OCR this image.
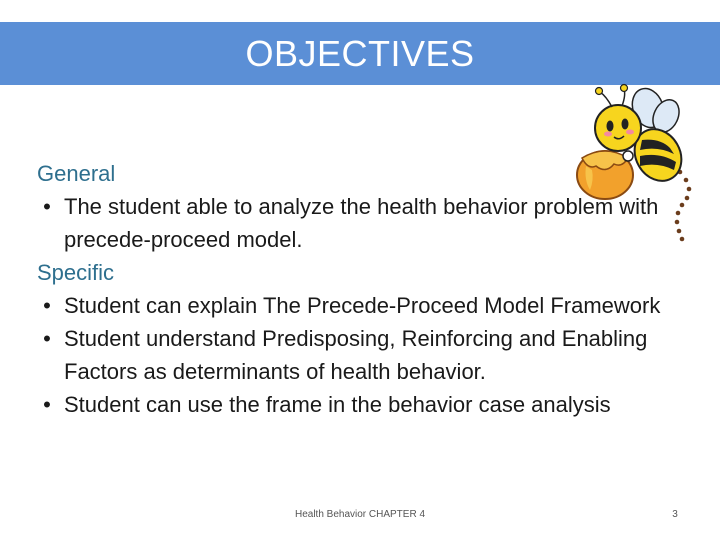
OBJECTIVES
General
• The student able to analyze the health behavior problem with precede-proceed model.
Specific
• Student can explain The Precede-Proceed Model Framework
• Student understand Predisposing, Reinforcing and Enabling Factors as determinants of health behavior.
• Student can use the frame in the behavior case analysis
Health Behavior CHAPTER 4	3
